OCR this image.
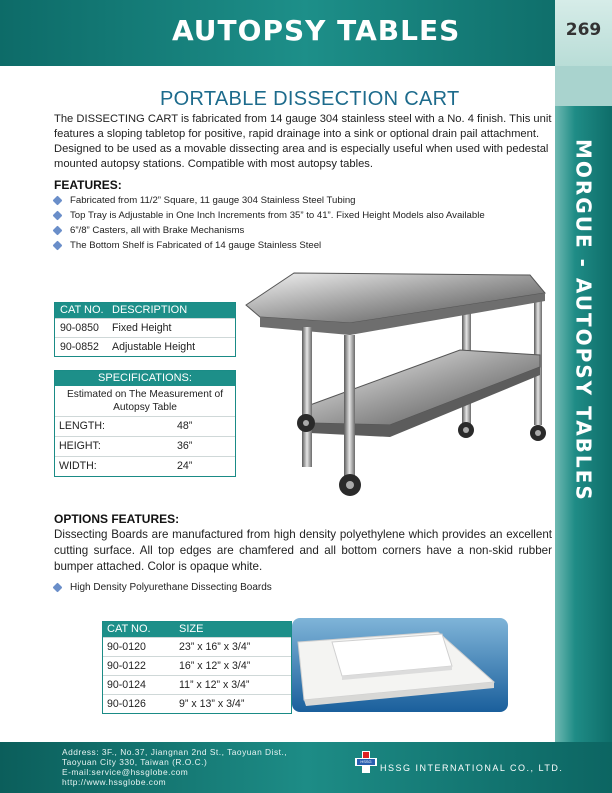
AUTOPSY TABLES	269
MORGUE - AUTOPSY TABLES
PORTABLE DISSECTION CART
The DISSECTING CART is fabricated from 14 gauge 304 stainless steel with a No. 4 finish. This unit features a sloping tabletop for positive, rapid drainage into a sink or optional drain pail attachment. Designed to be used as a movable dissecting area and is especially useful when used with pedestal mounted autopsy stations. Compatible with most autopsy tables.
FEATURES:
Fabricated from 11/2” Square, 11 gauge 304 Stainless Steel Tubing
Top Tray is Adjustable in One Inch Increments from 35” to 41”. Fixed Height Models also Available
6”/8” Casters, all with Brake Mechanisms
The Bottom Shelf is Fabricated of 14 gauge Stainless Steel
CAT NO. DESCRIPTION
90-0850 Fixed Height
90-0852 Adjustable Height
SPECIFICATIONS:
Estimated on The Measurement of Autopsy Table
LENGTH:	48”
HEIGHT:	36”
WIDTH:	24”
OPTIONS FEATURES:
Dissecting Boards are manufactured from high density polyethylene which provides an excellent cutting surface. All top edges are chamfered and all bottom corners have a non-skid rubber bumper attached. Color is opaque white.
High Density Polyurethane Dissecting Boards
CAT NO.	SIZE
90-0120	23” x 16” x 3/4”
90-0122	16” x 12” x 3/4”
90-0124	11” x 12” x 3/4”
90-0126	9” x 13” x 3/4”
Address: 3F., No.37, Jiangnan 2nd St., Taoyuan Dist.,
Taoyuan City 330, Taiwan (R.O.C.)
E-mail:service@hssglobe.com
http://www.hssglobe.com
HSSG
HSSG INTERNATIONAL CO., LTD.
